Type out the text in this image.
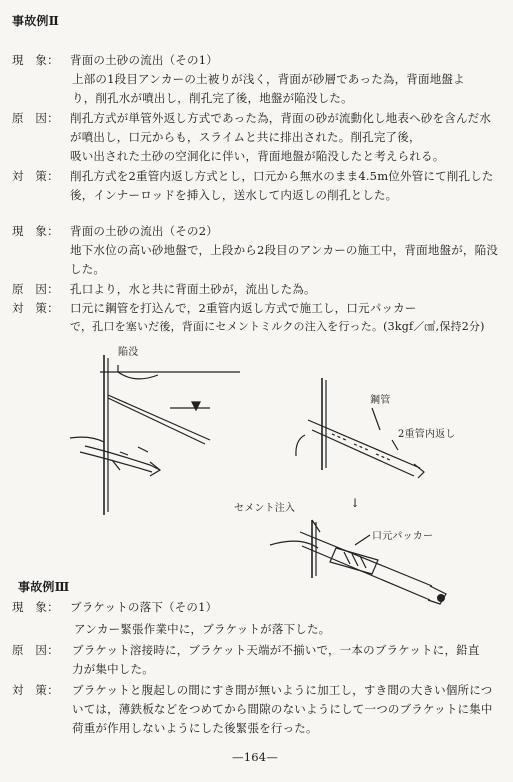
事故例Ⅱ
現　象： 背面の土砂の流出（その1）
上部の1段目アンカーの土被りが浅く，背面が砂層であった為，背面地盤よ
り，削孔水が噴出し，削孔完了後，地盤が陥没した。
原　因： 削孔方式が単管外返し方式であった為，背面の砂が流動化し地表へ砂を含んだ水
が噴出し，口元からも，スライムと共に排出された。削孔完了後，
吸い出された土砂の空洞化に伴い，背面地盤が陥没したと考えられる。
対　策： 削孔方式を2重管内返し方式とし，口元から無水のまま4.5m位外管にて削孔した
後，インナーロッドを挿入し，送水して内返しの削孔とした。
現　象： 背面の土砂の流出（その2）
地下水位の高い砂地盤で，上段から2段目のアンカーの施工中，背面地盤が，陥没
した。
原　因： 孔口より，水と共に背面土砂が，流出した為。
対　策： 口元に鋼管を打込んで，2重管内返し方式で施工し，口元パッカー
で，孔口を塞いだ後，背面にセメントミルクの注入を行った。(3kgf／㎠,保持2分)
陥没
鋼管
2重管内返し
↓
セメント注入
口元パッカー
事故例Ⅲ
現　象： ブラケットの落下（その1）
アンカー緊張作業中に，ブラケットが落下した。
原　因： ブラケット溶接時に，ブラケット天端が不揃いで，一本のブラケットに，鉛直
力が集中した。
対　策： ブラケットと腹起しの間にすき間が無いように加工し，すき間の大きい個所につ
いては，薄鉄板などをつめてから間隙のないようにして一つのブラケットに集中
荷重が作用しないようにした後緊張を行った。
—164—
